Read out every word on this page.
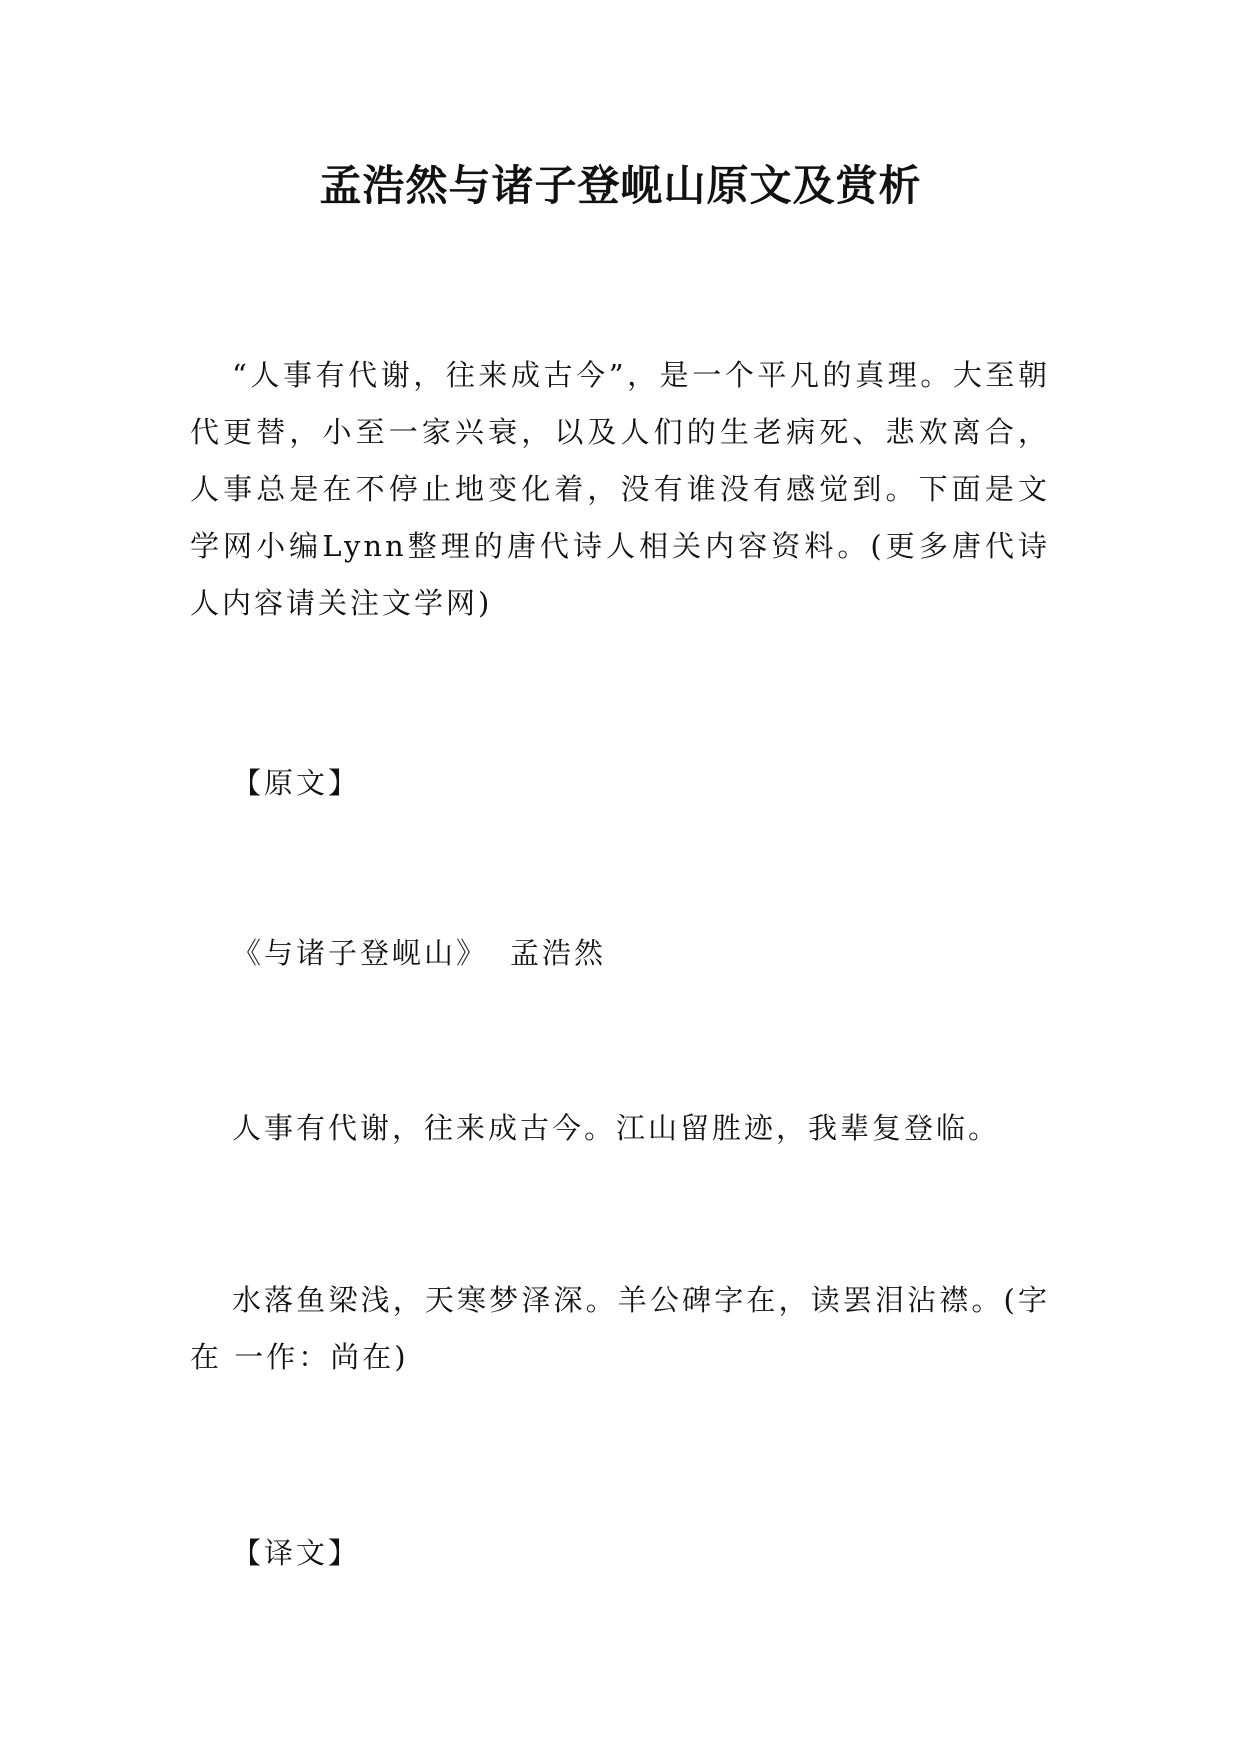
孟浩然与诸子登岘山原文及赏析

“人事有代谢，往来成古今”，是一个平凡的真理。大至朝代更替，小至一家兴衰，以及人们的生老病死、悲欢离合，人事总是在不停止地变化着，没有谁没有感觉到。下面是文学网小编Lynn整理的唐代诗人相关内容资料。(更多唐代诗人内容请关注文学网)

【原文】

《与诸子登岘山》 孟浩然

人事有代谢，往来成古今。江山留胜迹，我辈复登临。

水落鱼梁浅，天寒梦泽深。羊公碑字在，读罢泪沾襟。(字在 一作：尚在)

【译文】
